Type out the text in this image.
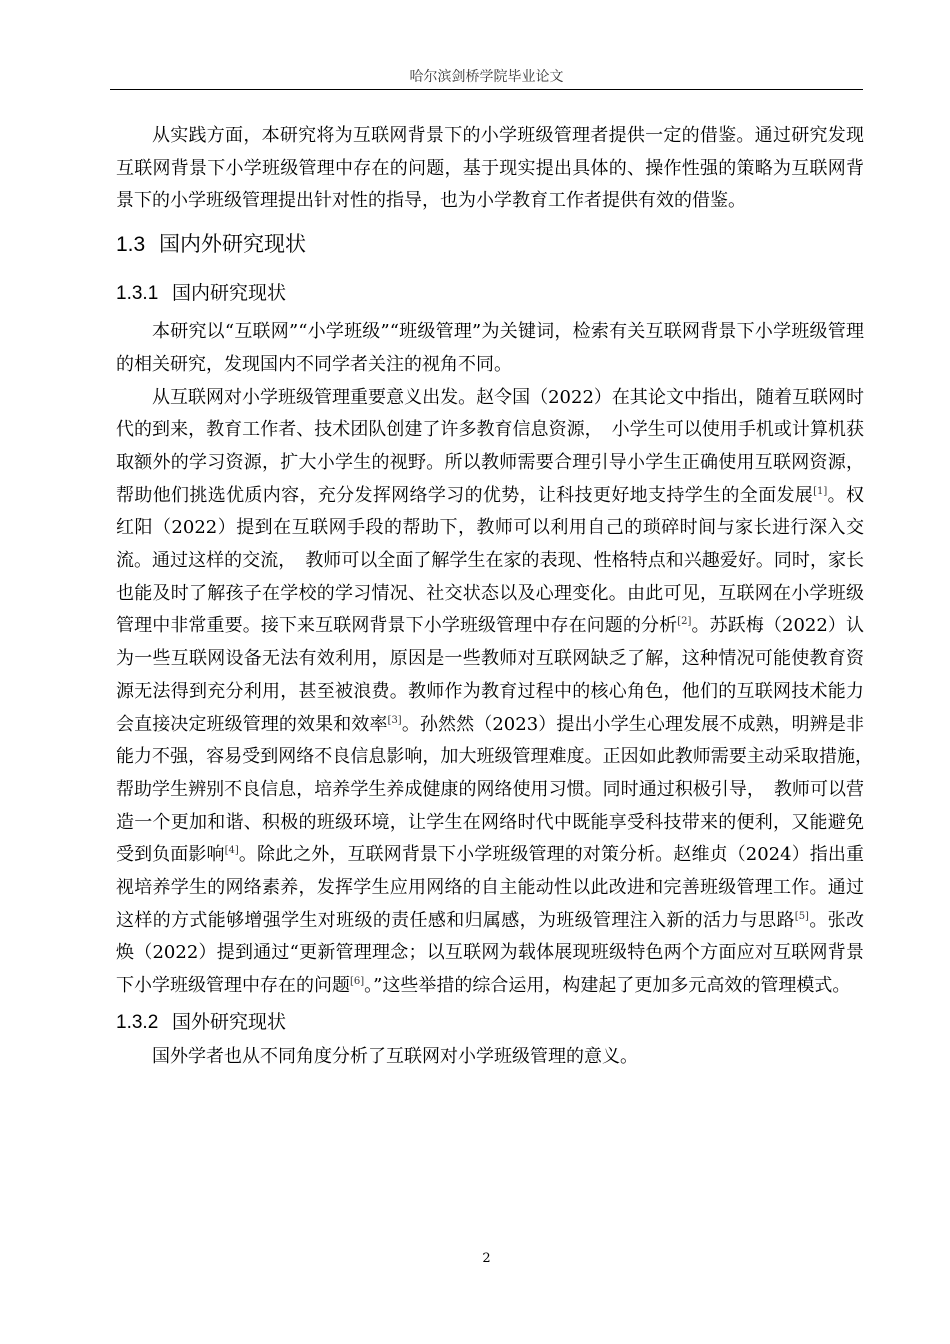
哈尔滨剑桥学院毕业论文

从实践方面，本研究将为互联网背景下的小学班级管理者提供一定的借鉴。通过研究发现互联网背景下小学班级管理中存在的问题，基于现实提出具体的、操作性强的策略为互联网背景下的小学班级管理提出针对性的指导，也为小学教育工作者提供有效的借鉴。

1.3 国内外研究现状
1.3.1 国内研究现状

本研究以“互联网”“小学班级”“班级管理”为关键词，检索有关互联网背景下小学班级管理的相关研究，发现国内不同学者关注的视角不同。

从互联网对小学班级管理重要意义出发。赵令国（2022）在其论文中指出，随着互联网时代的到来，教育工作者、技术团队创建了许多教育信息资源，　小学生可以使用手机或计算机获取额外的学习资源，扩大小学生的视野。所以教师需要合理引导小学生正确使用互联网资源，帮助他们挑选优质内容，充分发挥网络学习的优势，让科技更好地支持学生的全面发展[1]。权红阳（2022）提到在互联网手段的帮助下，教师可以利用自己的琐碎时间与家长进行深入交流。通过这样的交流，　教师可以全面了解学生在家的表现、性格特点和兴趣爱好。同时，家长也能及时了解孩子在学校的学习情况、社交状态以及心理变化。由此可见，互联网在小学班级管理中非常重要。接下来互联网背景下小学班级管理中存在问题的分析[2]。苏跃梅（2022）认为一些互联网设备无法有效利用，原因是一些教师对互联网缺乏了解，这种情况可能使教育资源无法得到充分利用，甚至被浪费。教师作为教育过程中的核心角色，他们的互联网技术能力会直接决定班级管理的效果和效率[3]。孙然然（2023）提出小学生心理发展不成熟，明辨是非能力不强，容易受到网络不良信息影响，加大班级管理难度。正因如此教师需要主动采取措施，　帮助学生辨别不良信息，培养学生养成健康的网络使用习惯。同时通过积极引导，　教师可以营造一个更加和谐、积极的班级环境，让学生在网络时代中既能享受科技带来的便利，又能避免受到负面影响[4]。除此之外，互联网背景下小学班级管理的对策分析。赵维贞（2024）指出重视培养学生的网络素养，发挥学生应用网络的自主能动性以此改进和完善班级管理工作。通过这样的方式能够增强学生对班级的责任感和归属感，为班级管理注入新的活力与思路[5]。张改焕（2022）提到通过“更新管理理念；以互联网为载体展现班级特色两个方面应对互联网背景下小学班级管理中存在的问题[6]。”这些举措的综合运用，构建起了更加多元高效的管理模式。

1.3.2 国外研究现状

国外学者也从不同角度分析了互联网对小学班级管理的意义。

2
